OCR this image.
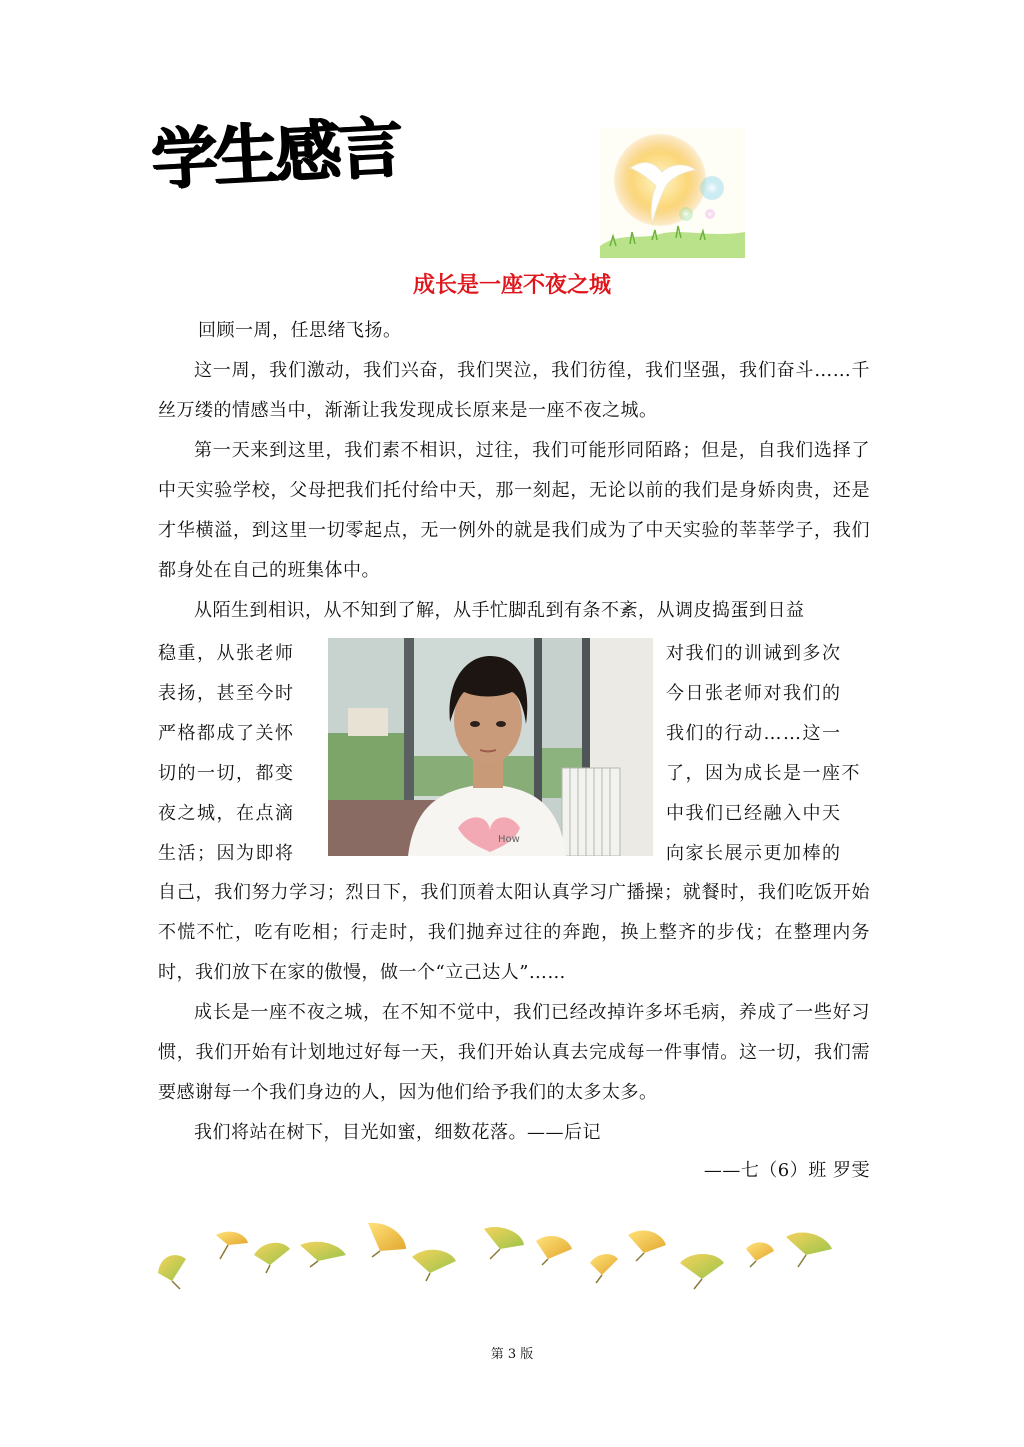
学生感言
成长是一座不夜之城

回顾一周，任思绪飞扬。

这一周，我们激动，我们兴奋，我们哭泣，我们彷徨，我们坚强，我们奋斗……千丝万缕的情感当中，渐渐让我发现成长原来是一座不夜之城。

第一天来到这里，我们素不相识，过往，我们可能形同陌路；但是，自我们选择了中天实验学校，父母把我们托付给中天，那一刻起，无论以前的我们是身娇肉贵，还是才华横溢，到这里一切零起点，无一例外的就是我们成为了中天实验的莘莘学子，我们都身处在自己的班集体中。

从陌生到相识，从不知到了解，从手忙脚乱到有条不紊，从调皮捣蛋到日益

稳重，从张老师
表扬，甚至今时
严格都成了关怀
切的一切，都变
夜之城，在点滴
生活；因为即将
对我们的训诫到多次
今日张老师对我们的
我们的行动……这一
了，因为成长是一座不
中我们已经融入中天
向家长展示更加棒的
How

自己，我们努力学习；烈日下，我们顶着太阳认真学习广播操；就餐时，我们吃饭开始不慌不忙，吃有吃相；行走时，我们抛弃过往的奔跑，换上整齐的步伐；在整理内务时，我们放下在家的傲慢，做一个“立己达人”……

成长是一座不夜之城，在不知不觉中，我们已经改掉许多坏毛病，养成了一些好习惯，我们开始有计划地过好每一天，我们开始认真去完成每一件事情。这一切，我们需要感谢每一个我们身边的人，因为他们给予我们的太多太多。

我们将站在树下，目光如蜜，细数花落。——后记

——七（6）班 罗雯
第 3 版
